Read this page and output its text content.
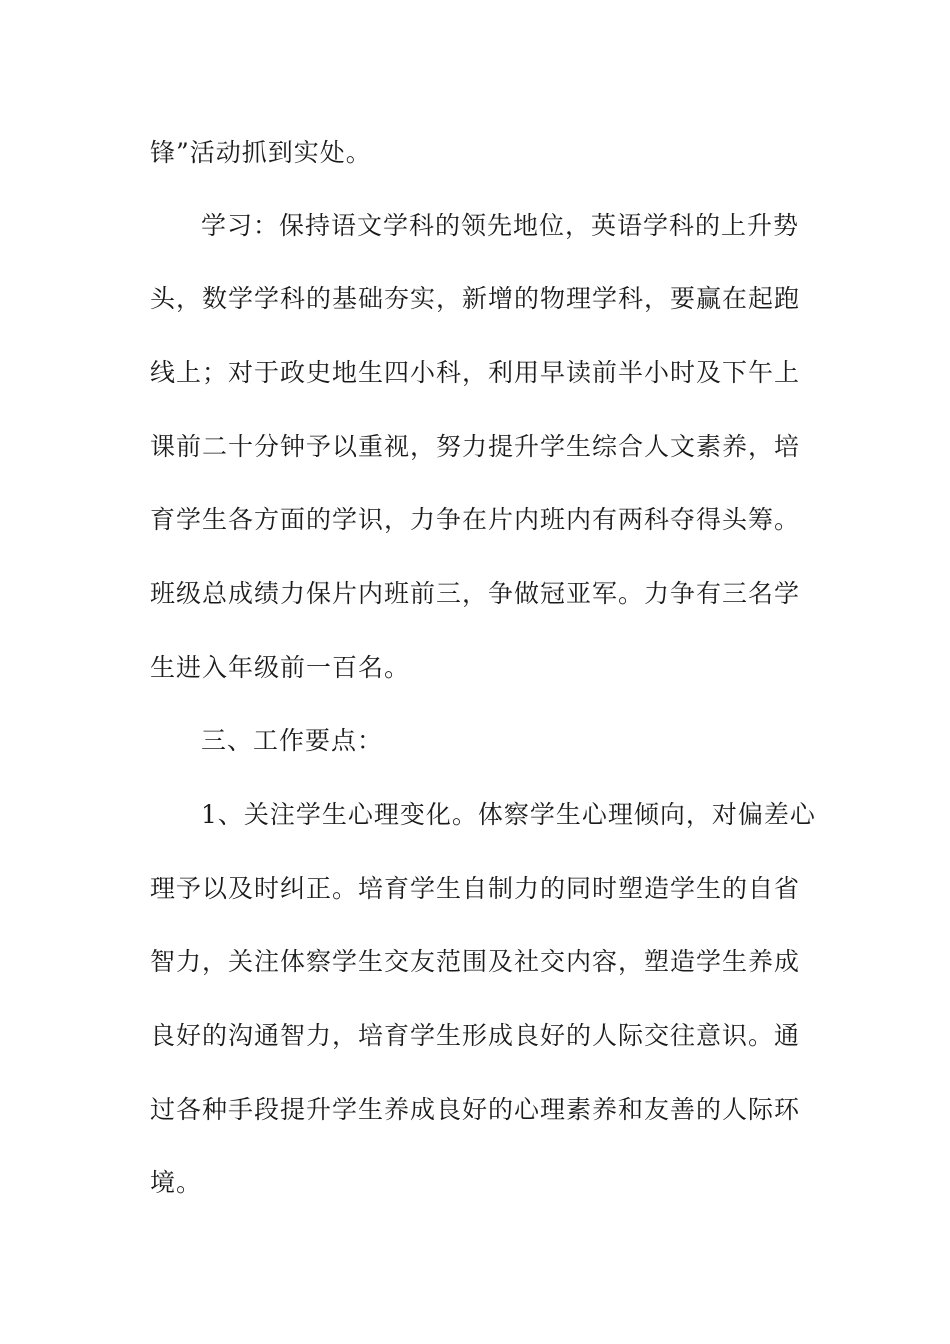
锋”活动抓到实处。
学习：保持语文学科的领先地位，英语学科的上升势
头，数学学科的基础夯实，新增的物理学科，要赢在起跑
线上；对于政史地生四小科，利用早读前半小时及下午上
课前二十分钟予以重视，努力提升学生综合人文素养，培
育学生各方面的学识，力争在片内班内有两科夺得头筹。
班级总成绩力保片内班前三，争做冠亚军。力争有三名学
生进入年级前一百名。
三、工作要点：
1、关注学生心理变化。体察学生心理倾向，对偏差心
理予以及时纠正。培育学生自制力的同时塑造学生的自省
智力，关注体察学生交友范围及社交内容，塑造学生养成
良好的沟通智力，培育学生形成良好的人际交往意识。通
过各种手段提升学生养成良好的心理素养和友善的人际环
境。
